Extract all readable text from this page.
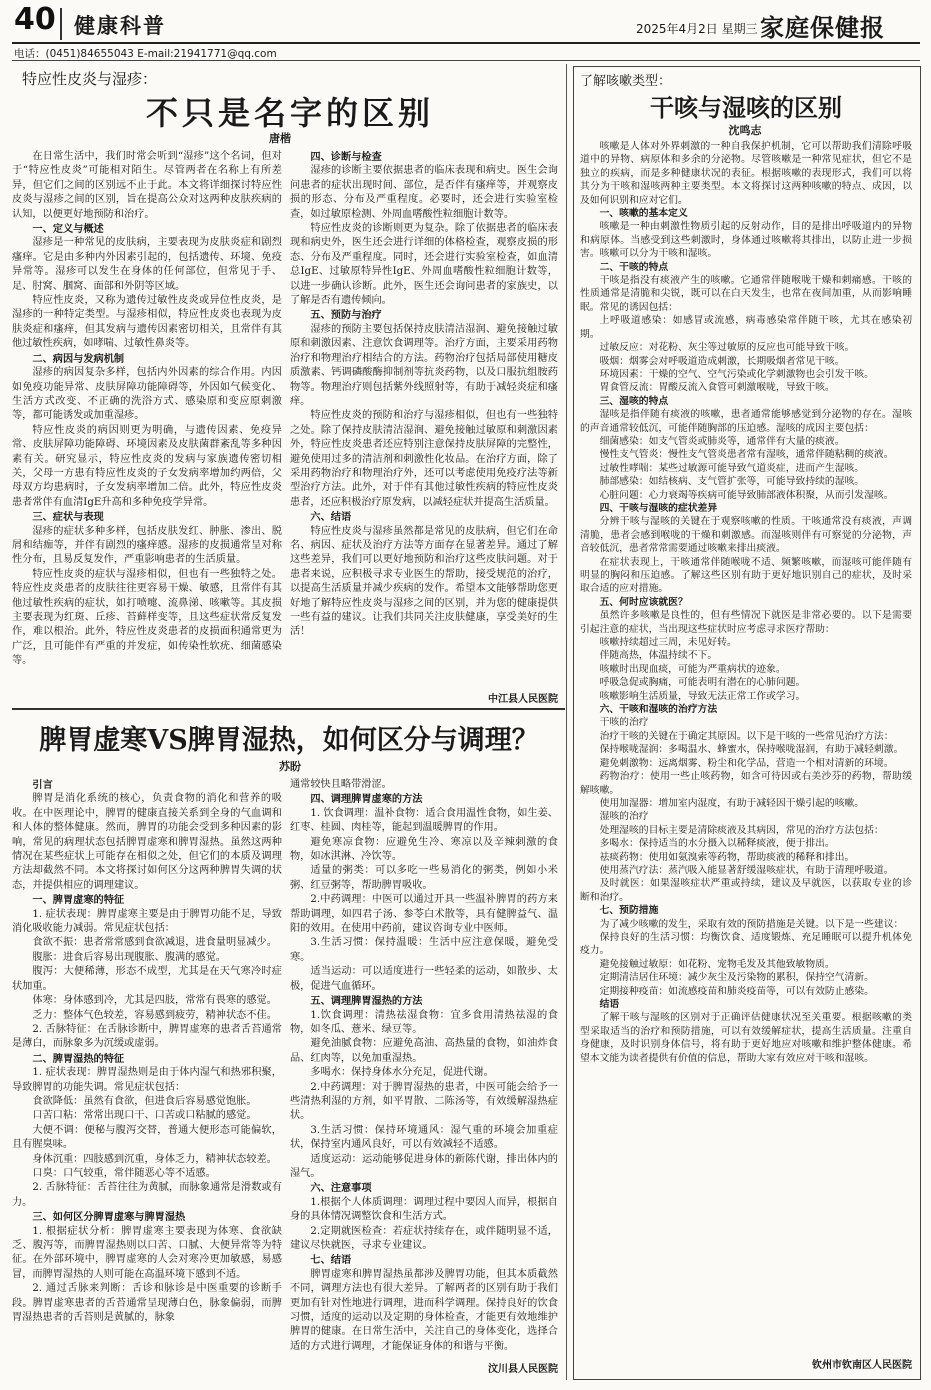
40 健康科普	2025年4月2日 星期三 家庭保健报
电话：(0451)84655043 E-mail:21941771@qq.com
特应性皮炎与湿疹：
不只是名字的区别
唐楷

在日常生活中，我们时常会听到“湿疹”这个名词，但对于“特应性皮炎”可能相对陌生。尽管两者在名称上有所差异，但它们之间的区别远不止于此。本文将详细探讨特应性皮炎与湿疹之间的区别，旨在提高公众对这两种皮肤疾病的认知，以便更好地预防和治疗。

一、定义与概述

湿疹是一种常见的皮肤病，主要表现为皮肤炎症和剧烈瘙痒。它是由多种内外因素引起的，包括遗传、环境、免疫异常等。湿疹可以发生在身体的任何部位，但常见于手、足、肘窝、腘窝、面部和外阴等区域。

特应性皮炎，又称为遗传过敏性皮炎或异位性皮炎，是湿疹的一种特定类型。与湿疹相似，特应性皮炎也表现为皮肤炎症和瘙痒，但其发病与遗传因素密切相关，且常伴有其他过敏性疾病，如哮喘、过敏性鼻炎等。

二、病因与发病机制

湿疹的病因复杂多样，包括内外因素的综合作用。内因如免疫功能异常、皮肤屏障功能障碍等，外因如气候变化、生活方式改变、不正确的洗浴方式、感染原和变应原刺激等，都可能诱发或加重湿疹。

特应性皮炎的病因则更为明确，与遗传因素、免疫异常、皮肤屏障功能障碍、环境因素及皮肤菌群紊乱等多种因素有关。研究显示，特应性皮炎的发病与家族遗传密切相关，父母一方患有特应性皮炎的子女发病率增加约两倍，父母双方均患病时，子女发病率增加二倍。此外，特应性皮炎患者常伴有血清IgE升高和多种免疫学异常。

三、症状与表现

湿疹的症状多种多样，包括皮肤发红、肿胀、渗出、脱屑和结痂等，并伴有剧烈的瘙痒感。湿疹的皮损通常呈对称性分布，且易反复发作，严重影响患者的生活质量。

特应性皮炎的症状与湿疹相似，但也有一些独特之处。特应性皮炎患者的皮肤往往更容易干燥、敏感，且常伴有其他过敏性疾病的症状，如打喷嚏、流鼻涕、咳嗽等。其皮损主要表现为红斑、丘疹、苔藓样变等，且这些症状常反复发作，难以根治。此外，特应性皮炎患者的皮损面积通常更为广泛，且可能伴有严重的并发症，如传染性软疣、细菌感染等。

四、诊断与检查

湿疹的诊断主要依据患者的临床表现和病史。医生会询问患者的症状出现时间、部位，是否伴有瘙痒等，并观察皮损的形态、分布及严重程度。必要时，还会进行实验室检查，如过敏原检测、外周血嗜酸性粒细胞计数等。

特应性皮炎的诊断则更为复杂。除了依据患者的临床表现和病史外，医生还会进行详细的体格检查，观察皮损的形态、分布及严重程度。同时，还会进行实验室检查，如血清总IgE、过敏原特异性IgE、外周血嗜酸性粒细胞计数等，以进一步确认诊断。此外，医生还会询问患者的家族史，以了解是否有遗传倾向。

五、预防与治疗

湿疹的预防主要包括保持皮肤清洁湿润、避免接触过敏原和刺激因素、注意饮食调理等。治疗方面，主要采用药物治疗和物理治疗相结合的方法。药物治疗包括局部使用糖皮质激素、钙调磷酸酶抑制剂等抗炎药物，以及口服抗组胺药物等。物理治疗则包括紫外线照射等，有助于减轻炎症和瘙痒。

特应性皮炎的预防和治疗与湿疹相似，但也有一些独特之处。除了保持皮肤清洁湿润、避免接触过敏原和刺激因素外，特应性皮炎患者还应特别注意保持皮肤屏障的完整性，避免使用过多的清洁剂和刺激性化妆品。在治疗方面，除了采用药物治疗和物理治疗外，还可以考虑使用免疫疗法等新型治疗方法。此外，对于伴有其他过敏性疾病的特应性皮炎患者，还应积极治疗原发病，以减轻症状并提高生活质量。

六、结语

特应性皮炎与湿疹虽然都是常见的皮肤病，但它们在命名、病因、症状及治疗方法等方面存在显著差异。通过了解这些差异，我们可以更好地预防和治疗这些皮肤问题。对于患者来说，应积极寻求专业医生的帮助，接受规范的治疗，以提高生活质量并减少疾病的发作。希望本文能够帮助您更好地了解特应性皮炎与湿疹之间的区别，并为您的健康提供一些有益的建议。让我们共同关注皮肤健康，享受美好的生活！

中江县人民医院
脾胃虚寒VS脾胃湿热，如何区分与调理？
苏盼

引言

脾胃是消化系统的核心，负责食物的消化和营养的吸收。在中医理论中，脾胃的健康直接关系到全身的气血调和和人体的整体健康。然而，脾胃的功能会受到多种因素的影响，常见的病理状态包括脾胃虚寒和脾胃湿热。虽然这两种情况在某些症状上可能存在相似之处，但它们的本质及调理方法却截然不同。本文将探讨如何区分这两种脾胃失调的状态，并提供相应的调理建议。

一、脾胃虚寒的特征

1. 症状表现：脾胃虚寒主要是由于脾胃功能不足，导致消化吸收能力减弱。常见症状包括：

食欲不振：患者常常感到食欲减退，进食量明显减少。

腹胀：进食后容易出现腹胀、腹满的感觉。

腹泻：大便稀薄，形态不成型，尤其是在天气寒冷时症状加重。

体寒：身体感到冷，尤其是四肢，常常有畏寒的感觉。

乏力：整体气色较差，容易感到疲劳，精神状态不佳。

2. 舌脉特征：在舌脉诊断中，脾胃虚寒的患者舌苔通常是薄白，而脉象多为沉缓或虚弱。

二、脾胃湿热的特征

1. 症状表现：脾胃湿热则是由于体内湿气和热邪积聚，导致脾胃的功能失调。常见症状包括：

食欲降低：虽然有食欲，但进食后容易感觉饱胀。

口苦口粘：常常出现口干、口苦或口粘腻的感觉。

大便不调：便秘与腹泻交替，普通大便形态可能偏软，且有腥臭味。

身体沉重：四肢感到沉重，身体乏力，精神状态较差。

口臭：口气较重，常伴随恶心等不适感。

2. 舌脉特征：舌苔往往为黄腻，而脉象通常是滑数或有力。

三、如何区分脾胃虚寒与脾胃湿热

1. 根据症状分析：脾胃虚寒主要表现为体寒、食欲缺乏、腹泻等，而脾胃湿热则以口苦、口腻、大便异常等为特征。在外部环境中，脾胃虚寒的人会对寒冷更加敏感，易感冒，而脾胃湿热的人则可能在高温环境下感到不适。

2. 通过舌脉来判断：舌诊和脉诊是中医重要的诊断手段。脾胃虚寒患者的舌苔通常呈现薄白色，脉象偏弱，而脾胃湿热患者的舌苔则是黄腻的，脉象

通常较快且略带滑涩。

四、调理脾胃虚寒的方法

1. 饮食调理：温补食物：适合食用温性食物，如生姜、红枣、桂圆、肉桂等，能起到温暖脾胃的作用。

避免寒凉食物：应避免生冷、寒凉以及辛辣刺激的食物，如冰淇淋、冷饮等。

适量的粥类：可以多吃一些易消化的粥类，例如小米粥、红豆粥等，帮助脾胃吸收。

2.中药调理：中医可以通过开具一些温补脾胃的药方来帮助调理，如四君子汤、参苓白术散等，具有健脾益气、温阳的效用。在使用中药前，建议咨询专业中医师。

3.生活习惯：保持温暖：生活中应注意保暖，避免受寒。

适当运动：可以适度进行一些轻柔的运动，如散步、太极，促进气血循环。

五、调理脾胃湿热的方法

1.饮食调理：清热祛湿食物：宜多食用清热祛湿的食物，如冬瓜、薏米、绿豆等。

避免油腻食物：应避免高油、高热量的食物，如油炸食品、红肉等，以免加重湿热。

多喝水：保持身体水分充足，促进代谢。

2.中药调理：对于脾胃湿热的患者，中医可能会给予一些清热利湿的方剂，如平胃散、二陈汤等，有效缓解湿热症状。

3.生活习惯：保持环境通风：湿气重的环境会加重症状，保持室内通风良好，可以有效减轻不适感。

适度运动：运动能够促进身体的新陈代谢，排出体内的湿气。

六、注意事项

1.根据个人体质调理：调理过程中要因人而异，根据自身的具体情况调整饮食和生活方式。

2.定期就医检查：若症状持续存在，或伴随明显不适，建议尽快就医，寻求专业建议。

七、结语

脾胃虚寒和脾胃湿热虽都涉及脾胃功能，但其本质截然不同，调理方法也有很大差异。了解两者的区别有助于我们更加有针对性地进行调理，进而科学调理。保持良好的饮食习惯，适度的运动以及定期的身体检查，才能更有效地维护脾胃的健康。在日常生活中，关注自己的身体变化，选择合适的方式进行调理，才能保证身体的和谐与平衡。

汶川县人民医院
了解咳嗽类型：
干咳与湿咳的区别
沈鸣志

咳嗽是人体对外界刺激的一种自我保护机制，它可以帮助我们清除呼吸道中的异物、病原体和多余的分泌物。尽管咳嗽是一种常见症状，但它不是独立的疾病，而是多种健康状况的表征。根据咳嗽的表现形式，我们可以将其分为干咳和湿咳两种主要类型。本文将探讨这两种咳嗽的特点、成因，以及如何识别和应对它们。

一、咳嗽的基本定义

咳嗽是一种由刺激性物质引起的反射动作，目的是排出呼吸道内的异物和病原体。当感受到这些刺激时，身体通过咳嗽将其排出，以防止进一步损害。咳嗽可以分为干咳和湿咳。

二、干咳的特点

干咳是指没有痰液产生的咳嗽。它通常伴随喉咙干燥和刺痛感。干咳的性质通常是清脆和尖锐，既可以在白天发生，也常在夜间加重，从而影响睡眠。常见的诱因包括：

上呼吸道感染：如感冒或流感，病毒感染常伴随干咳，尤其在感染初期。

过敏反应：对花粉、灰尘等过敏原的反应也可能导致干咳。

吸烟：烟雾会对呼吸道造成刺激，长期吸烟者常见干咳。

环境因素：干燥的空气、空气污染或化学刺激物也会引发干咳。

胃食管反流：胃酸反流入食管可刺激喉咙，导致干咳。

三、湿咳的特点

湿咳是指伴随有痰液的咳嗽，患者通常能够感觉到分泌物的存在。湿咳的声音通常较低沉，可能伴随胸部的压迫感。湿咳的成因主要包括：

细菌感染：如支气管炎或肺炎等，通常伴有大量的痰液。

慢性支气管炎：慢性支气管炎患者常有湿咳，通常伴随粘稠的痰液。

过敏性哮喘：某些过敏源可能导致气道炎症，进而产生湿咳。

肺部感染：如结核病、支气管扩张等，可能导致持续的湿咳。

心脏问题：心力衰竭等疾病可能导致肺部液体积聚，从而引发湿咳。

四、干咳与湿咳的症状差异

分辨干咳与湿咳的关键在于观察咳嗽的性质。干咳通常没有痰液，声调清脆，患者会感到喉咙的干燥和刺激感。而湿咳则伴有可察觉的分泌物，声音较低沉，患者常常需要通过咳嗽来排出痰液。

在症状表现上，干咳通常伴随喉咙不适、频繁咳嗽，而湿咳可能伴随有明显的胸闷和压迫感。了解这些区别有助于更好地识别自己的症状，及时采取合适的应对措施。

五、何时应该就医？

虽然许多咳嗽是良性的，但有些情况下就医是非常必要的。以下是需要引起注意的症状，当出现这些症状时应考虑寻求医疗帮助：

咳嗽持续超过三周，未见好转。

伴随高热，体温持续不下。

咳嗽时出现血痰，可能为严重病状的迹象。

呼吸急促或胸痛，可能表明有潜在的心肺问题。

咳嗽影响生活质量，导致无法正常工作或学习。

六、干咳和湿咳的治疗方法

干咳的治疗

治疗干咳的关键在于确定其原因。以下是干咳的一些常见治疗方法：

保持喉咙湿润：多喝温水、蜂蜜水，保持喉咙湿润，有助于减轻刺激。

避免刺激物：远离烟雾、粉尘和化学品，营造一个相对清新的环境。

药物治疗：使用一些止咳药物，如含可待因或右美沙芬的药物，帮助缓解咳嗽。

使用加湿器：增加室内湿度，有助于减轻因干燥引起的咳嗽。

湿咳的治疗

处理湿咳的目标主要是清除痰液及其病因，常见的治疗方法包括：

多喝水：保持适当的水分摄入以稀释痰液，便于排出。

祛痰药物：使用如氨溴索等药物，帮助痰液的稀释和排出。

使用蒸汽疗法：蒸汽吸入能显著舒缓湿咳症状，有助于清理呼吸道。

及时就医：如果湿咳症状严重或持续，建议及早就医，以获取专业的诊断和治疗。

七、预防措施

为了减少咳嗽的发生，采取有效的预防措施是关键。以下是一些建议：

保持良好的生活习惯：均衡饮食、适度锻炼、充足睡眠可以提升机体免疫力。

避免接触过敏原：如花粉、宠物毛发及其他致敏物质。

定期清洁居住环境：减少灰尘及污染物的累积，保持空气清新。

定期接种疫苗：如流感疫苗和肺炎疫苗等，可以有效防止感染。

结语

了解干咳与湿咳的区别对于正确评估健康状况至关重要。根据咳嗽的类型采取适当的治疗和预防措施，可以有效缓解症状，提高生活质量。注重自身健康，及时识别身体信号，将有助于更好地应对咳嗽和维护整体健康。希望本文能为读者提供有价值的信息，帮助大家有效应对干咳和湿咳。

钦州市钦南区人民医院
